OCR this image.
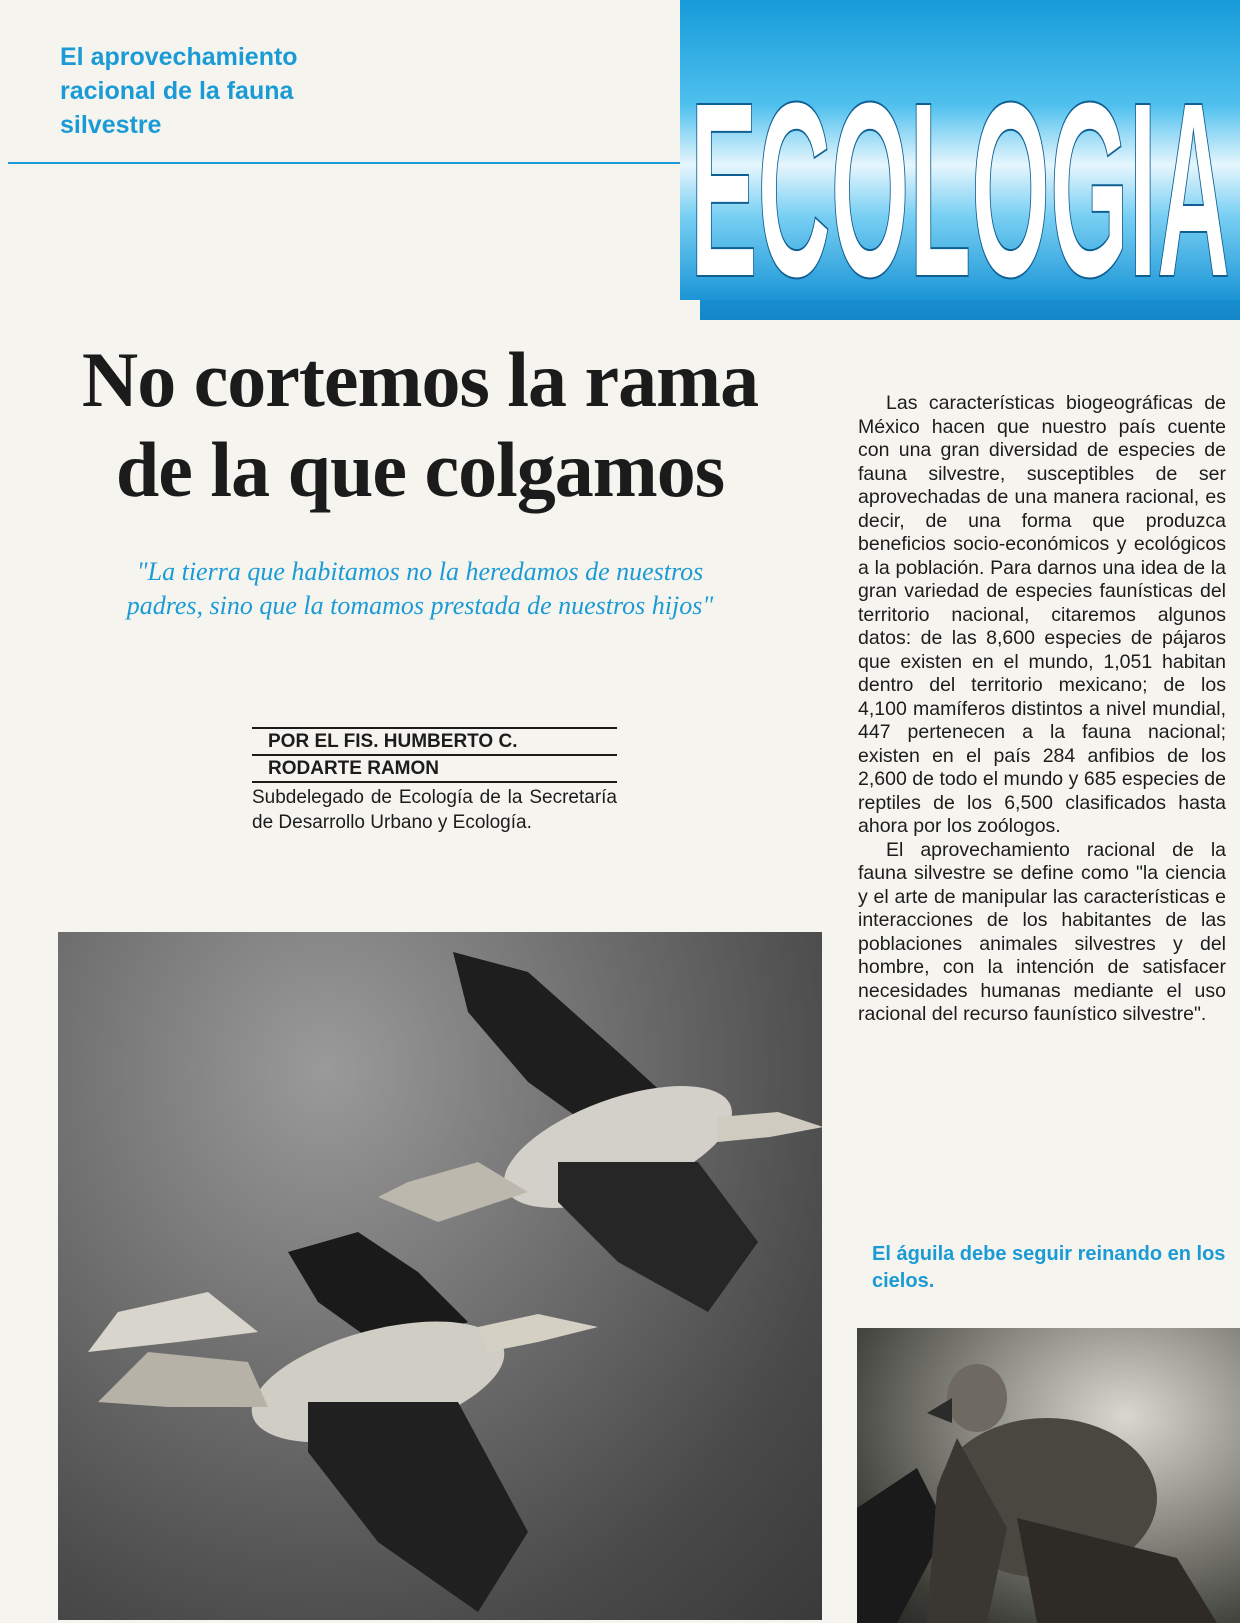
El aprovechamiento racional de la fauna silvestre	ECOLOGIA
No cortemos la rama de la que colgamos

"La tierra que habitamos no la heredamos de nuestros padres, sino que la tomamos prestada de nuestros hijos"

POR EL FIS. HUMBERTO C.
RODARTE RAMON
Subdelegado de Ecología de la Secretaría de Desarrollo Urbano y Ecología.

Las características biogeográficas de México hacen que nuestro país cuente con una gran diversidad de especies de fauna silvestre, susceptibles de ser aprovechadas de una manera racional, es decir, de una forma que produzca beneficios socio-económicos y ecológicos a la población. Para darnos una idea de la gran variedad de especies faunísticas del territorio nacional, citaremos algunos datos: de las 8,600 especies de pájaros que existen en el mundo, 1,051 habitan dentro del territorio mexicano; de los 4,100 mamíferos distintos a nivel mundial, 447 pertenecen a la fauna nacional; existen en el país 284 anfibios de los 2,600 de todo el mundo y 685 especies de reptiles de los 6,500 clasificados hasta ahora por los zoólogos.

El aprovechamiento racional de la fauna silvestre se define como "la ciencia y el arte de manipular las características e interacciones de los habitantes de las poblaciones animales silvestres y del hombre, con la intención de satisfacer necesidades humanas mediante el uso racional del recurso faunístico silvestre".

El águila debe seguir reinando en los cielos.
